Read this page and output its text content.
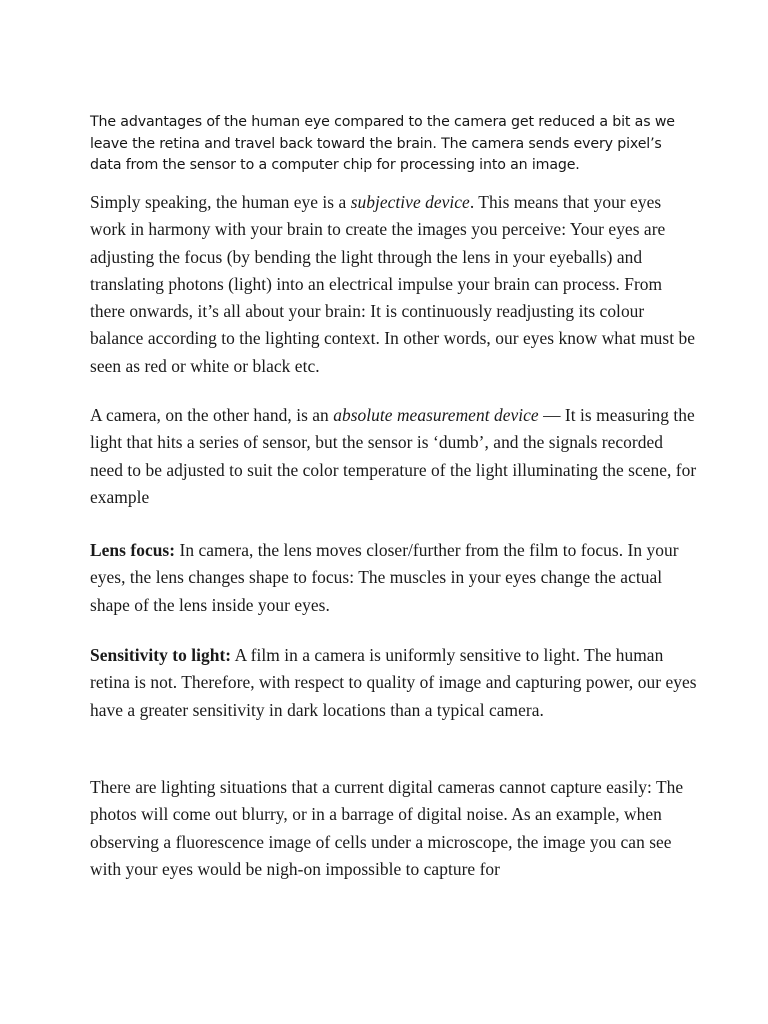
The advantages of the human eye compared to the camera get reduced a bit as we leave the retina and travel back toward the brain. The camera sends every pixel’s data from the sensor to a computer chip for processing into an image.

Simply speaking, the human eye is a subjective device. This means that your eyes work in harmony with your brain to create the images you perceive: Your eyes are adjusting the focus (by bending the light through the lens in your eyeballs) and translating photons (light) into an electrical impulse your brain can process. From there onwards, it’s all about your brain: It is continuously readjusting its colour balance according to the lighting context. In other words, our eyes know what must be seen as red or white or black etc.

A camera, on the other hand, is an absolute measurement device — It is measuring the light that hits a series of sensor, but the sensor is ‘dumb’, and the signals recorded need to be adjusted to suit the color temperature of the light illuminating the scene, for example

Lens focus: In camera, the lens moves closer/further from the film to focus. In your eyes, the lens changes shape to focus: The muscles in your eyes change the actual shape of the lens inside your eyes.

Sensitivity to light: A film in a camera is uniformly sensitive to light. The human retina is not. Therefore, with respect to quality of image and capturing power, our eyes have a greater sensitivity in dark locations than a typical camera.

There are lighting situations that a current digital cameras cannot capture easily: The photos will come out blurry, or in a barrage of digital noise. As an example, when observing a fluorescence image of cells under a microscope, the image you can see with your eyes would be nigh-on impossible to capture for
